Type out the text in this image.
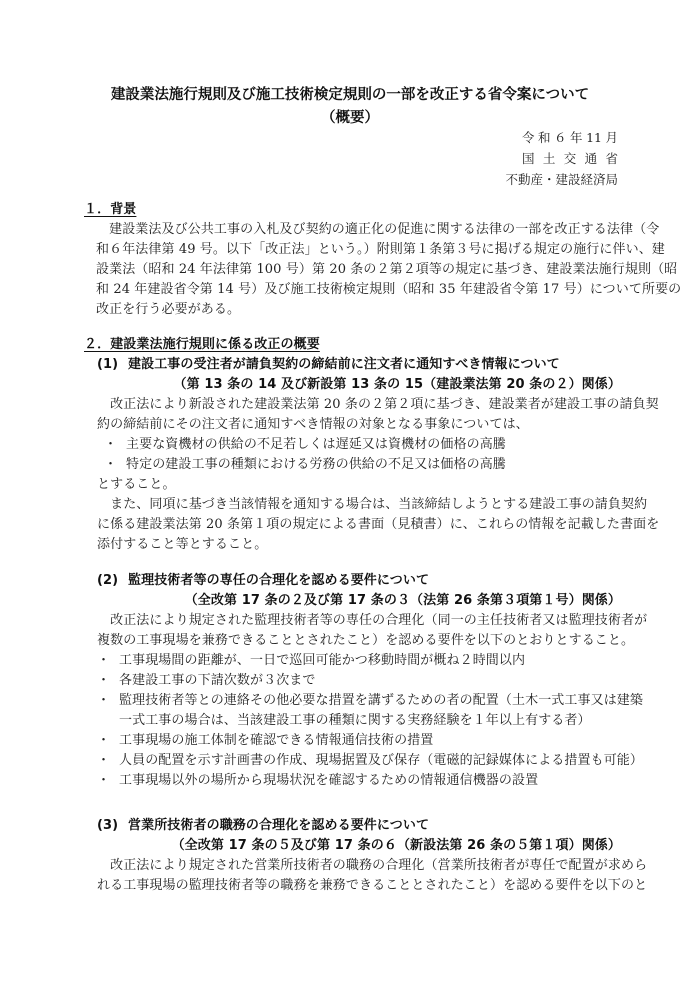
建設業法施行規則及び施工技術検定規則の一部を改正する省令案について
（概要）
令和６年11月
国土交通省
不動産・建設経済局
１．背景
　建設業法及び公共工事の入札及び契約の適正化の促進に関する法律の一部を改正する法律（令
和６年法律第 49 号。以下「改正法」という。）附則第１条第３号に掲げる規定の施行に伴い、建
設業法（昭和 24 年法律第 100 号）第 20 条の２第２項等の規定に基づき、建設業法施行規則（昭
和 24 年建設省令第 14 号）及び施工技術検定規則（昭和 35 年建設省令第 17 号）について所要の
改正を行う必要がある。
２．建設業法施行規則に係る改正の概要
(1) 建設工事の受注者が請負契約の締結前に注文者に通知すべき情報について
（第 13 条の 14 及び新設第 13 条の 15（建設業法第 20 条の２）関係）
　改正法により新設された建設業法第 20 条の２第２項に基づき、建設業者が建設工事の請負契
約の締結前にその注文者に通知すべき情報の対象となる事象については、
・ 主要な資機材の供給の不足若しくは遅延又は資機材の価格の高騰
・ 特定の建設工事の種類における労務の供給の不足又は価格の高騰
とすること。
　また、同項に基づき当該情報を通知する場合は、当該締結しようとする建設工事の請負契約
に係る建設業法第 20 条第１項の規定による書面（見積書）に、これらの情報を記載した書面を
添付すること等とすること。
(2) 監理技術者等の専任の合理化を認める要件について
（全改第 17 条の２及び第 17 条の３（法第 26 条第３項第１号）関係）
　改正法により規定された監理技術者等の専任の合理化（同一の主任技術者又は監理技術者が
複数の工事現場を兼務できることとされたこと）を認める要件を以下のとおりとすること。
・ 工事現場間の距離が、一日で巡回可能かつ移動時間が概ね２時間以内
・ 各建設工事の下請次数が３次まで
・ 監理技術者等との連絡その他必要な措置を講ずるための者の配置（土木一式工事又は建築
一式工事の場合は、当該建設工事の種類に関する実務経験を１年以上有する者）
・ 工事現場の施工体制を確認できる情報通信技術の措置
・ 人員の配置を示す計画書の作成、現場据置及び保存（電磁的記録媒体による措置も可能）
・ 工事現場以外の場所から現場状況を確認するための情報通信機器の設置
(3) 営業所技術者の職務の合理化を認める要件について
（全改第 17 条の５及び第 17 条の６（新設法第 26 条の５第１項）関係）
　改正法により規定された営業所技術者の職務の合理化（営業所技術者が専任で配置が求めら
れる工事現場の監理技術者等の職務を兼務できることとされたこと）を認める要件を以下のと
